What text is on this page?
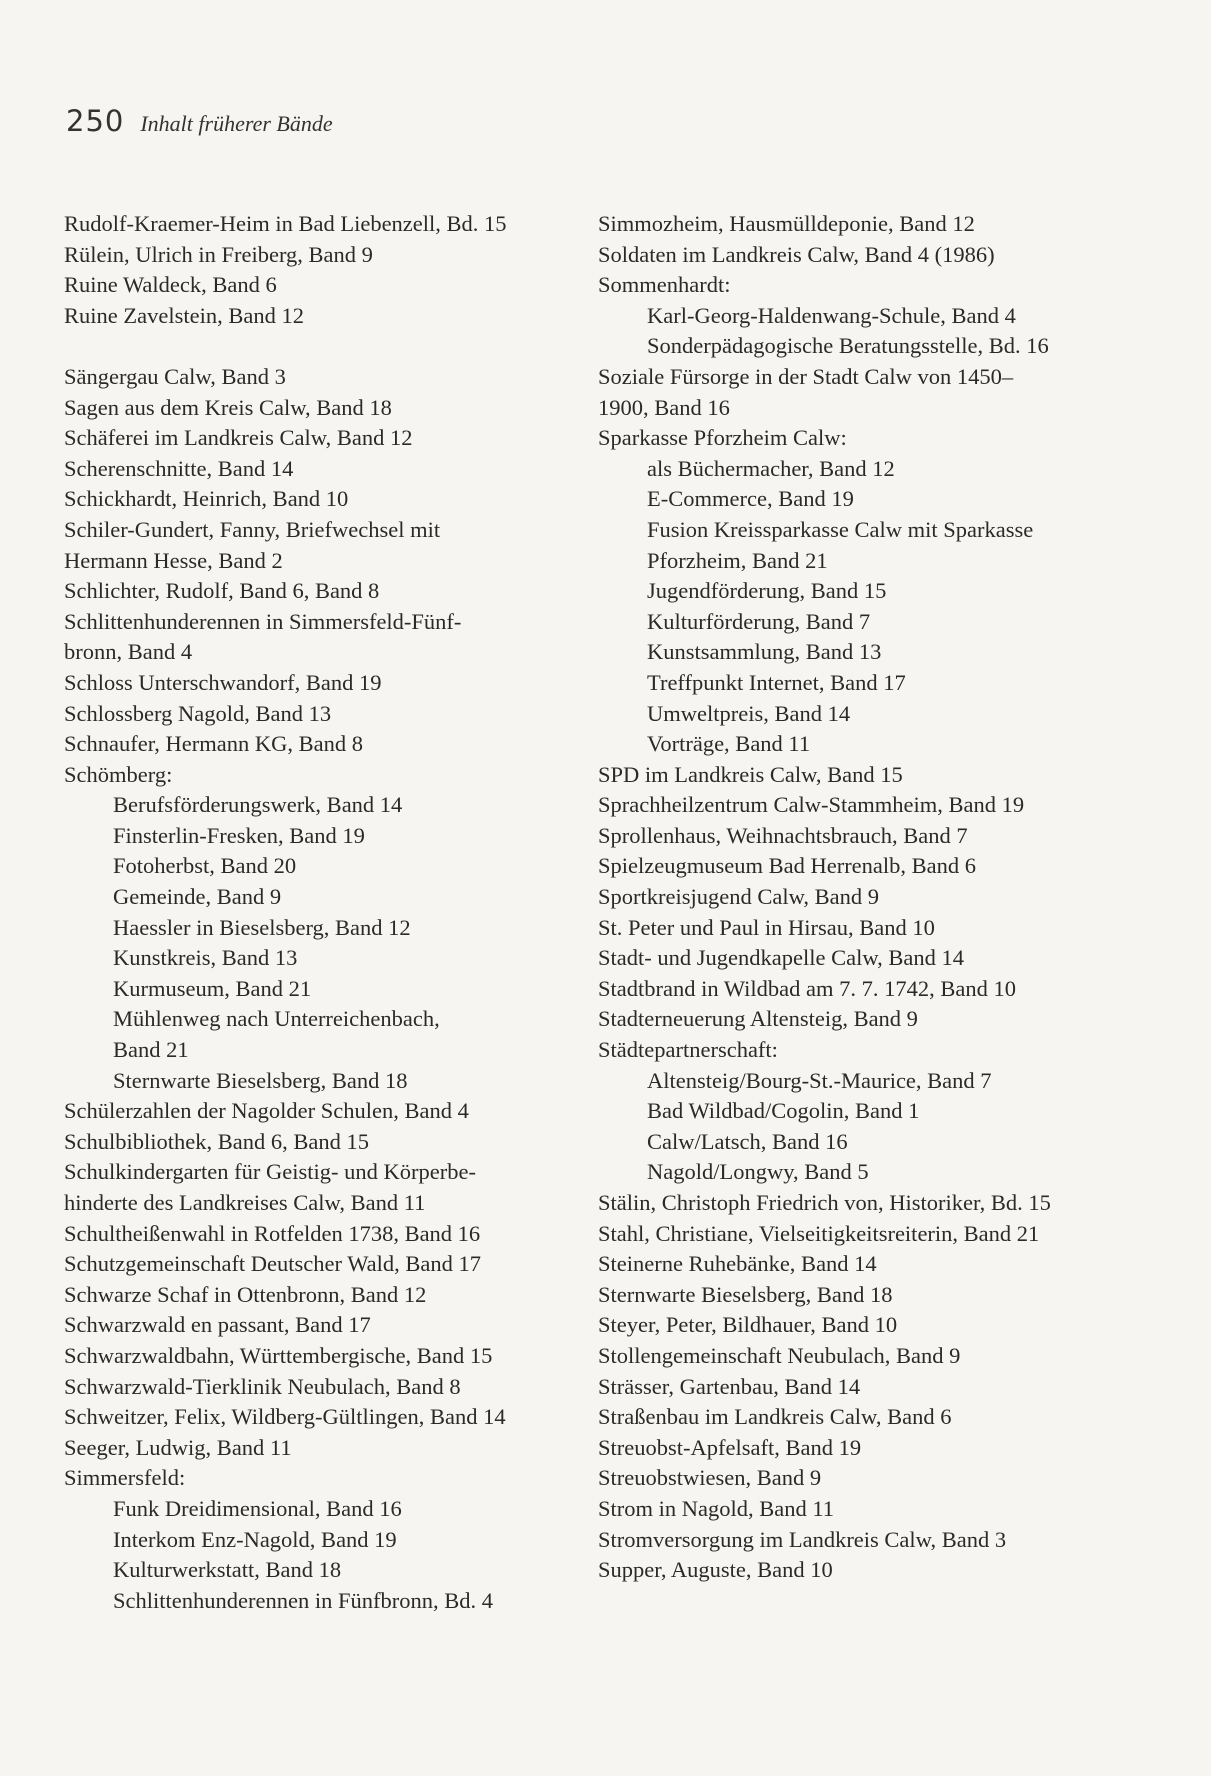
250 Inhalt früherer Bände
Rudolf-Kraemer-Heim in Bad Liebenzell, Bd. 15
Rülein, Ulrich in Freiberg, Band 9
Ruine Waldeck, Band 6
Ruine Zavelstein, Band 12
Sängergau Calw, Band 3
Sagen aus dem Kreis Calw, Band 18
Schäferei im Landkreis Calw, Band 12
Scherenschnitte, Band 14
Schickhardt, Heinrich, Band 10
Schiler-Gundert, Fanny, Briefwechsel mit
Hermann Hesse, Band 2
Schlichter, Rudolf, Band 6, Band 8
Schlittenhunderennen in Simmersfeld-Fünf-
bronn, Band 4
Schloss Unterschwandorf, Band 19
Schlossberg Nagold, Band 13
Schnaufer, Hermann KG, Band 8
Schömberg:
Berufsförderungswerk, Band 14
Finsterlin-Fresken, Band 19
Fotoherbst, Band 20
Gemeinde, Band 9
Haessler in Bieselsberg, Band 12
Kunstkreis, Band 13
Kurmuseum, Band 21
Mühlenweg nach Unterreichenbach,
Band 21
Sternwarte Bieselsberg, Band 18
Schülerzahlen der Nagolder Schulen, Band 4
Schulbibliothek, Band 6, Band 15
Schulkindergarten für Geistig- und Körperbe-
hinderte des Landkreises Calw, Band 11
Schultheißenwahl in Rotfelden 1738, Band 16
Schutzgemeinschaft Deutscher Wald, Band 17
Schwarze Schaf in Ottenbronn, Band 12
Schwarzwald en passant, Band 17
Schwarzwaldbahn, Württembergische, Band 15
Schwarzwald-Tierklinik Neubulach, Band 8
Schweitzer, Felix, Wildberg-Gültlingen, Band 14
Seeger, Ludwig, Band 11
Simmersfeld:
Funk Dreidimensional, Band 16
Interkom Enz-Nagold, Band 19
Kulturwerkstatt, Band 18
Schlittenhunderennen in Fünfbronn, Bd. 4
Simmozheim, Hausmülldeponie, Band 12
Soldaten im Landkreis Calw, Band 4 (1986)
Sommenhardt:
Karl-Georg-Haldenwang-Schule, Band 4
Sonderpädagogische Beratungsstelle, Bd. 16
Soziale Fürsorge in der Stadt Calw von 1450–
1900, Band 16
Sparkasse Pforzheim Calw:
als Büchermacher, Band 12
E-Commerce, Band 19
Fusion Kreissparkasse Calw mit Sparkasse
Pforzheim, Band 21
Jugendförderung, Band 15
Kulturförderung, Band 7
Kunstsammlung, Band 13
Treffpunkt Internet, Band 17
Umweltpreis, Band 14
Vorträge, Band 11
SPD im Landkreis Calw, Band 15
Sprachheilzentrum Calw-Stammheim, Band 19
Sprollenhaus, Weihnachtsbrauch, Band 7
Spielzeugmuseum Bad Herrenalb, Band 6
Sportkreisjugend Calw, Band 9
St. Peter und Paul in Hirsau, Band 10
Stadt- und Jugendkapelle Calw, Band 14
Stadtbrand in Wildbad am 7. 7. 1742, Band 10
Stadterneuerung Altensteig, Band 9
Städtepartnerschaft:
Altensteig/Bourg-St.-Maurice, Band 7
Bad Wildbad/Cogolin, Band 1
Calw/Latsch, Band 16
Nagold/Longwy, Band 5
Stälin, Christoph Friedrich von, Historiker, Bd. 15
Stahl, Christiane, Vielseitigkeitsreiterin, Band 21
Steinerne Ruhebänke, Band 14
Sternwarte Bieselsberg, Band 18
Steyer, Peter, Bildhauer, Band 10
Stollengemeinschaft Neubulach, Band 9
Strässer, Gartenbau, Band 14
Straßenbau im Landkreis Calw, Band 6
Streuobst-Apfelsaft, Band 19
Streuobstwiesen, Band 9
Strom in Nagold, Band 11
Stromversorgung im Landkreis Calw, Band 3
Supper, Auguste, Band 10
